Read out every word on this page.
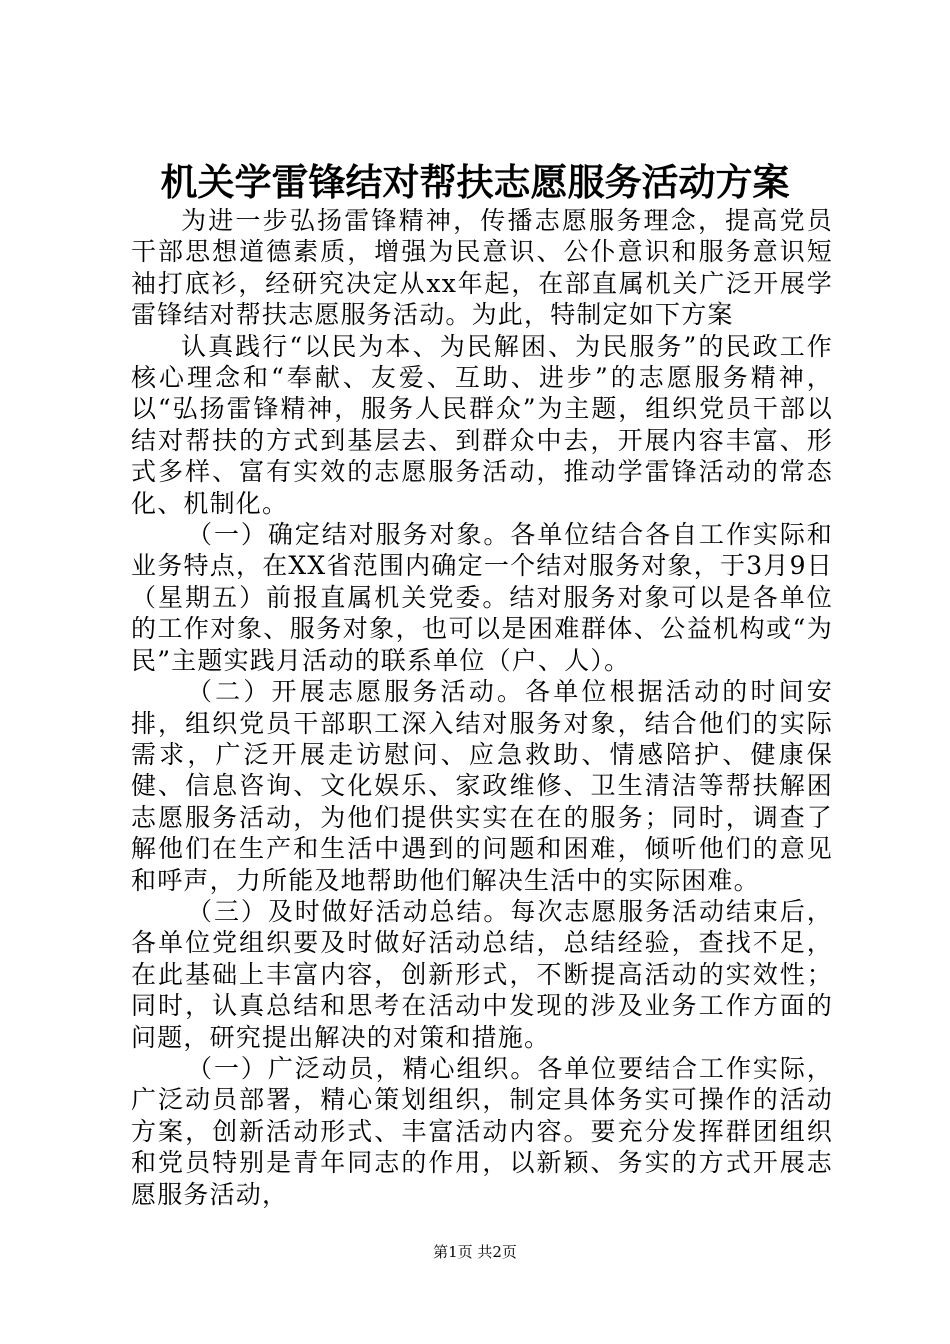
机关学雷锋结对帮扶志愿服务活动方案

为进一步弘扬雷锋精神，传播志愿服务理念，提高党员干部思想道德素质，增强为民意识、公仆意识和服务意识短袖打底衫，经研究决定从xx年起，在部直属机关广泛开展学雷锋结对帮扶志愿服务活动。为此，特制定如下方案

认真践行“以民为本、为民解困、为民服务”的民政工作核心理念和“奉献、友爱、互助、进步”的志愿服务精神，以“弘扬雷锋精神，服务人民群众”为主题，组织党员干部以结对帮扶的方式到基层去、到群众中去，开展内容丰富、形式多样、富有实效的志愿服务活动，推动学雷锋活动的常态化、机制化。

（一）确定结对服务对象。各单位结合各自工作实际和业务特点，在XX省范围内确定一个结对服务对象，于3月9日（星期五）前报直属机关党委。结对服务对象可以是各单位的工作对象、服务对象，也可以是困难群体、公益机构或“为民”主题实践月活动的联系单位（户、人）。

（二）开展志愿服务活动。各单位根据活动的时间安排，组织党员干部职工深入结对服务对象，结合他们的实际需求，广泛开展走访慰问、应急救助、情感陪护、健康保健、信息咨询、文化娱乐、家政维修、卫生清洁等帮扶解困志愿服务活动，为他们提供实实在在的服务；同时，调查了解他们在生产和生活中遇到的问题和困难，倾听他们的意见和呼声，力所能及地帮助他们解决生活中的实际困难。

（三）及时做好活动总结。每次志愿服务活动结束后，各单位党组织要及时做好活动总结，总结经验，查找不足，在此基础上丰富内容，创新形式，不断提高活动的实效性；同时，认真总结和思考在活动中发现的涉及业务工作方面的问题，研究提出解决的对策和措施。

（一）广泛动员，精心组织。各单位要结合工作实际，广泛动员部署，精心策划组织，制定具体务实可操作的活动方案，创新活动形式、丰富活动内容。要充分发挥群团组织和党员特别是青年同志的作用，以新颖、务实的方式开展志愿服务活动，

第1页 共2页
